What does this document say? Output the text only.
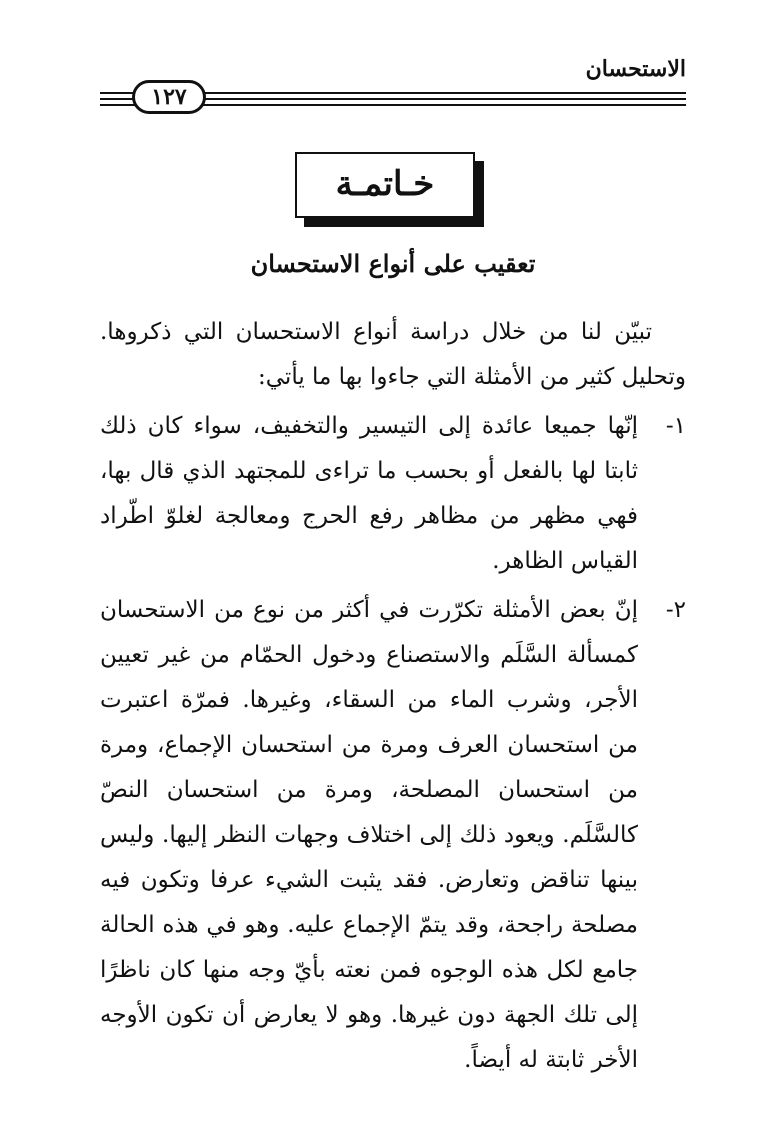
الاستحسان
١٢٧
خـاتمـة
تعقيب على أنواع الاستحسان

تبيّن لنا من خلال دراسة أنواع الاستحسان التي ذكروها. وتحليل كثير من الأمثلة التي جاءوا بها ما يأتي:

١-
إنّها جميعا عائدة إلى التيسير والتخفيف، سواء كان ذلك ثابتا لها بالفعل أو بحسب ما تراءى للمجتهد الذي قال بها، فهي مظهر من مظاهر رفع الحرج ومعالجة لغلوّ اطّراد القياس الظاهر.
٢-
إنّ بعض الأمثلة تكرّرت في أكثر من نوع من الاستحسان كمسألة السَّلَم والاستصناع ودخول الحمّام من غير تعيين الأجر، وشرب الماء من السقاء، وغيرها. فمرّة اعتبرت من استحسان العرف ومرة من استحسان الإجماع، ومرة من استحسان المصلحة، ومرة من استحسان النصّ كالسَّلَم. ويعود ذلك إلى اختلاف وجهات النظر إليها. وليس بينها تناقض وتعارض. فقد يثبت الشيء عرفا وتكون فيه مصلحة راجحة، وقد يتمّ الإجماع عليه. وهو في هذه الحالة جامع لكل هذه الوجوه فمن نعته بأيّ وجه منها كان ناظرًا إلى تلك الجهة دون غيرها. وهو لا يعارض أن تكون الأوجه الأخر ثابتة له أيضاً.
